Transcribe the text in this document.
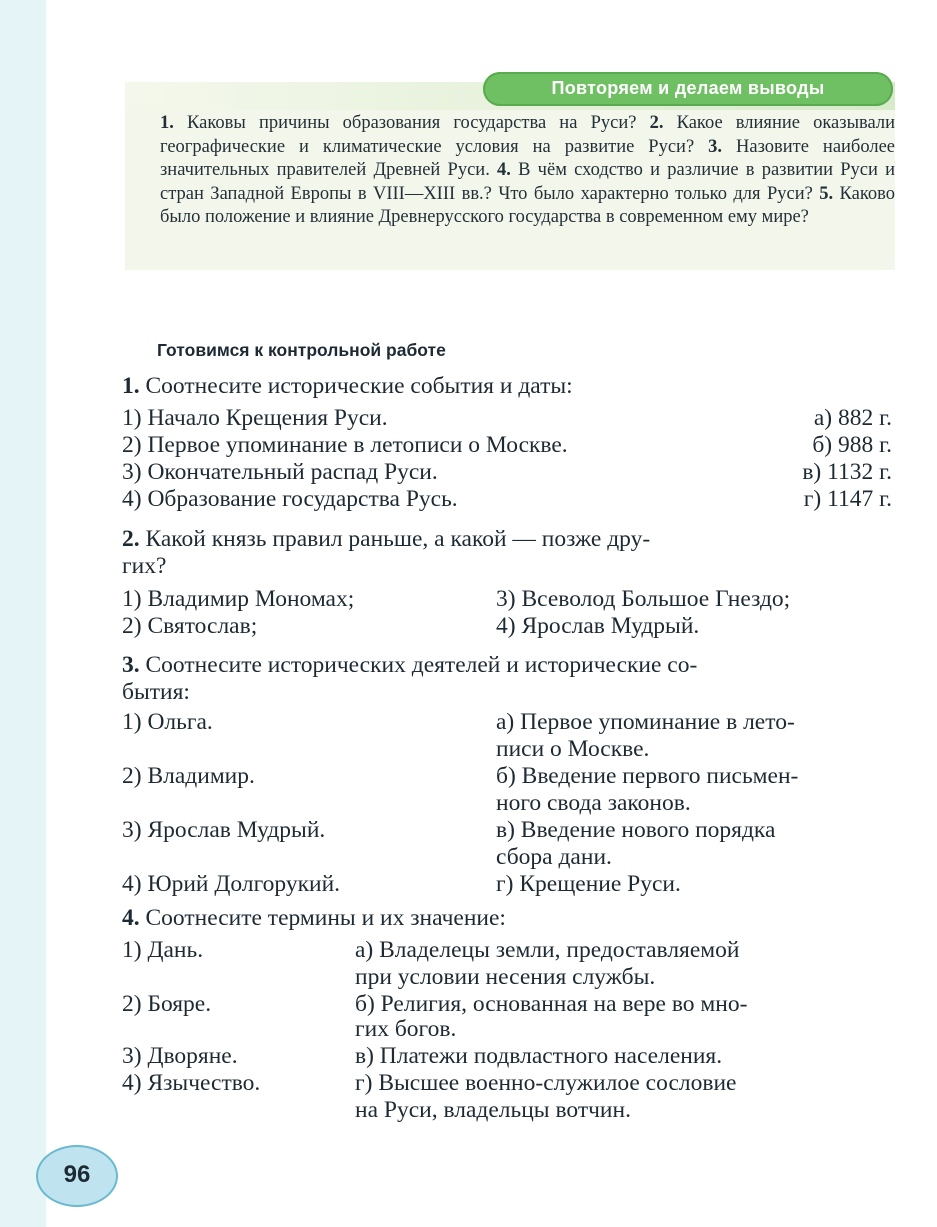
Повторяем и делаем выводы

1. Каковы причины образования государства на Руси? 2. Какое влияние оказывали географические и климатические условия на развитие Руси? 3. Назовите наиболее значительных правителей Древней Руси. 4. В чём сходство и различие в развитии Руси и стран Западной Европы в VIII—XIII вв.? Что было характерно только для Руси? 5. Каково было положение и влияние Древнерусского государства в современном ему мире?

Готовимся к контрольной работе
1. Соотнесите исторические события и даты:
1) Начало Крещения Руси.
2) Первое упоминание в летописи о Москве.
3) Окончательный распад Руси.
4) Образование государства Русь.
а) 882 г.
б) 988 г.
в) 1132 г.
г) 1147 г.
2. Какой князь правил раньше, а какой — позже дру-
гих?
1) Владимир Мономах;
2) Святослав;
3) Всеволод Большое Гнездо;
4) Ярослав Мудрый.
3. Соотнесите исторических деятелей и исторические со-
бытия:
1) Ольга.
2) Владимир.
3) Ярослав Мудрый.
4) Юрий Долгорукий.
а) Первое упоминание в лето-
писи о Москве.
б) Введение первого письмен-
ного свода законов.
в) Введение нового порядка
сбора дани.
г) Крещение Руси.
4. Соотнесите термины и их значение:
1) Дань.
2) Бояре.
3) Дворяне.
4) Язычество.
а) Владелецы земли, предоставляемой
при условии несения службы.
б) Религия, основанная на вере во мно-
гих богов.
в) Платежи подвластного населения.
г) Высшее военно-служилое сословие
на Руси, владельцы вотчин.
96
